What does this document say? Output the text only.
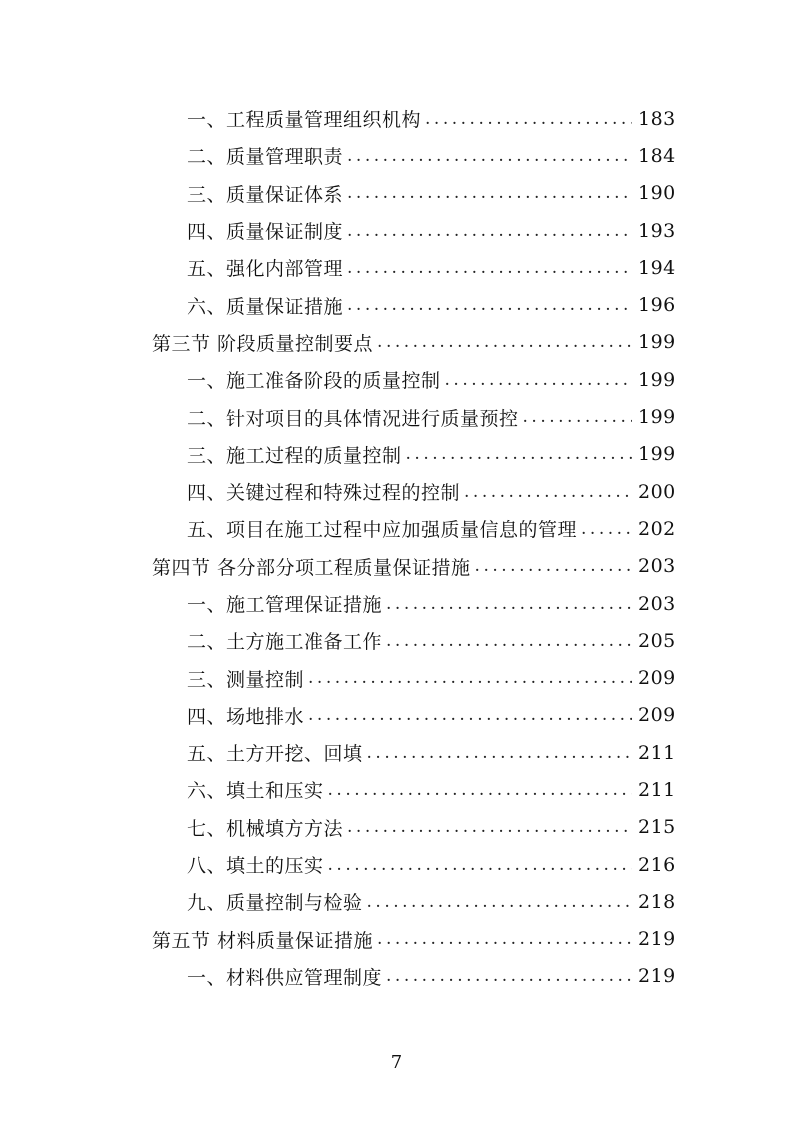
一、工程质量管理组织机构 .....	183
二、质量管理职责 .....	184
三、质量保证体系 .....	190
四、质量保证制度 .....	193
五、强化内部管理 .....	194
六、质量保证措施 .....	196
第三节 阶段质量控制要点 .....	199
一、施工准备阶段的质量控制 .....	199
二、针对项目的具体情况进行质量预控 .....	199
三、施工过程的质量控制 .....	199
四、关键过程和特殊过程的控制 .....	200
五、项目在施工过程中应加强质量信息的管理 .....	202
第四节 各分部分项工程质量保证措施 .....	203
一、施工管理保证措施 .....	203
二、土方施工准备工作 .....	205
三、测量控制 .....	209
四、场地排水 .....	209
五、土方开挖、回填 .....	211
六、填土和压实 .....	211
七、机械填方方法 .....	215
八、填土的压实 .....	216
九、质量控制与检验 .....	218
第五节 材料质量保证措施 .....	219
一、材料供应管理制度 .....	219
7
